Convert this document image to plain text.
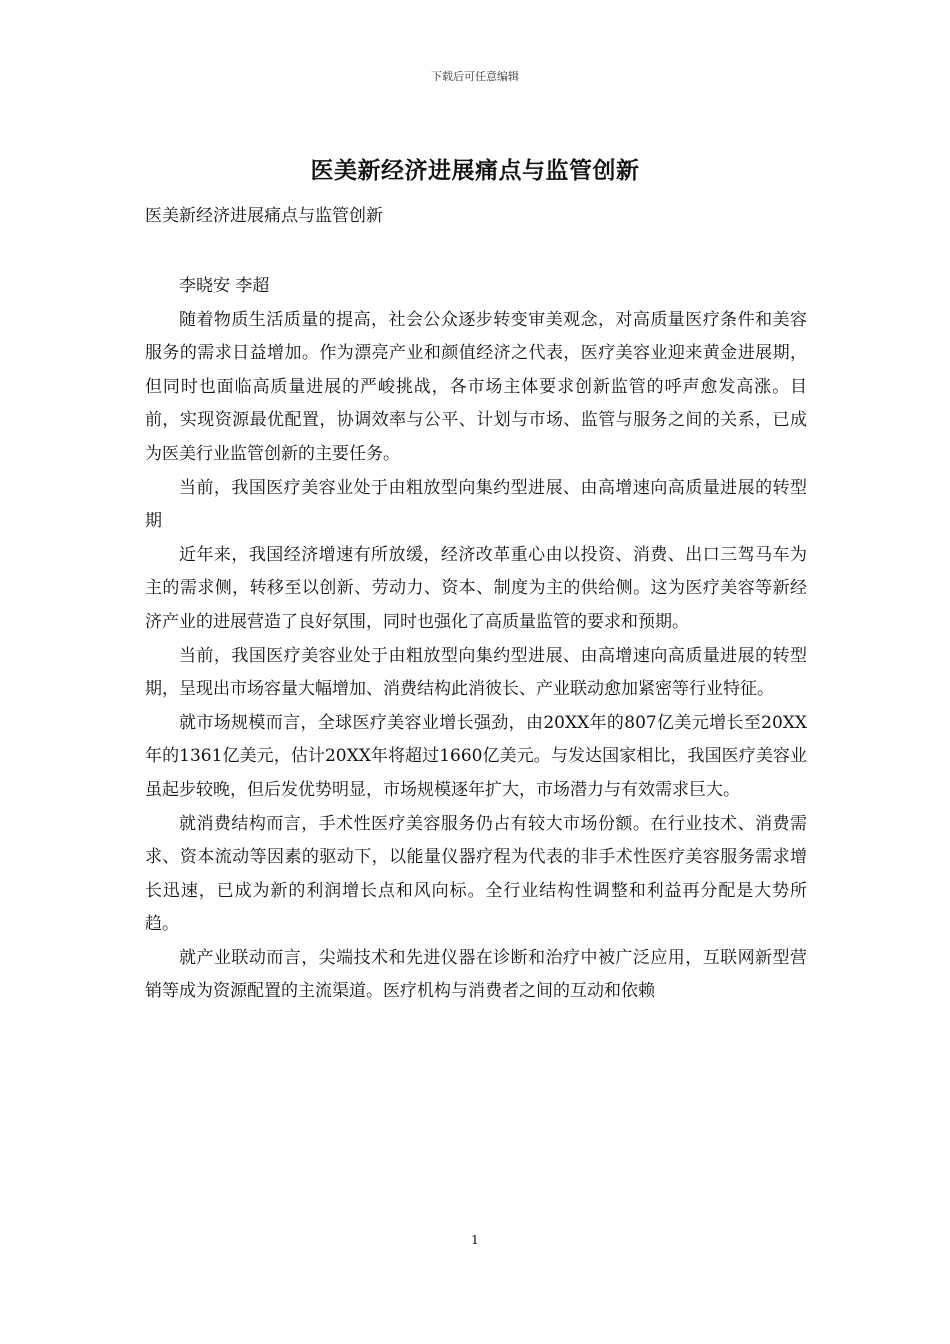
下载后可任意编辑
医美新经济进展痛点与监管创新

医美新经济进展痛点与监管创新

李晓安 李超

随着物质生活质量的提高，社会公众逐步转变审美观念，对高质量医疗条件和美容服务的需求日益增加。作为漂亮产业和颜值经济之代表，医疗美容业迎来黄金进展期，但同时也面临高质量进展的严峻挑战，各市场主体要求创新监管的呼声愈发高涨。目前，实现资源最优配置，协调效率与公平、计划与市场、监管与服务之间的关系，已成为医美行业监管创新的主要任务。

当前，我国医疗美容业处于由粗放型向集约型进展、由高增速向高质量进展的转型期

近年来，我国经济增速有所放缓，经济改革重心由以投资、消费、出口三驾马车为主的需求侧，转移至以创新、劳动力、资本、制度为主的供给侧。这为医疗美容等新经济产业的进展营造了良好氛围，同时也强化了高质量监管的要求和预期。

当前，我国医疗美容业处于由粗放型向集约型进展、由高增速向高质量进展的转型期，呈现出市场容量大幅增加、消费结构此消彼长、产业联动愈加紧密等行业特征。

就市场规模而言，全球医疗美容业增长强劲，由20XX年的807亿美元增长至20XX年的1361亿美元，估计20XX年将超过1660亿美元。与发达国家相比，我国医疗美容业虽起步较晚，但后发优势明显，市场规模逐年扩大，市场潜力与有效需求巨大。

就消费结构而言，手术性医疗美容服务仍占有较大市场份额。在行业技术、消费需求、资本流动等因素的驱动下，以能量仪器疗程为代表的非手术性医疗美容服务需求增长迅速，已成为新的利润增长点和风向标。全行业结构性调整和利益再分配是大势所趋。

就产业联动而言，尖端技术和先进仪器在诊断和治疗中被广泛应用，互联网新型营销等成为资源配置的主流渠道。医疗机构与消费者之间的互动和依赖

1
